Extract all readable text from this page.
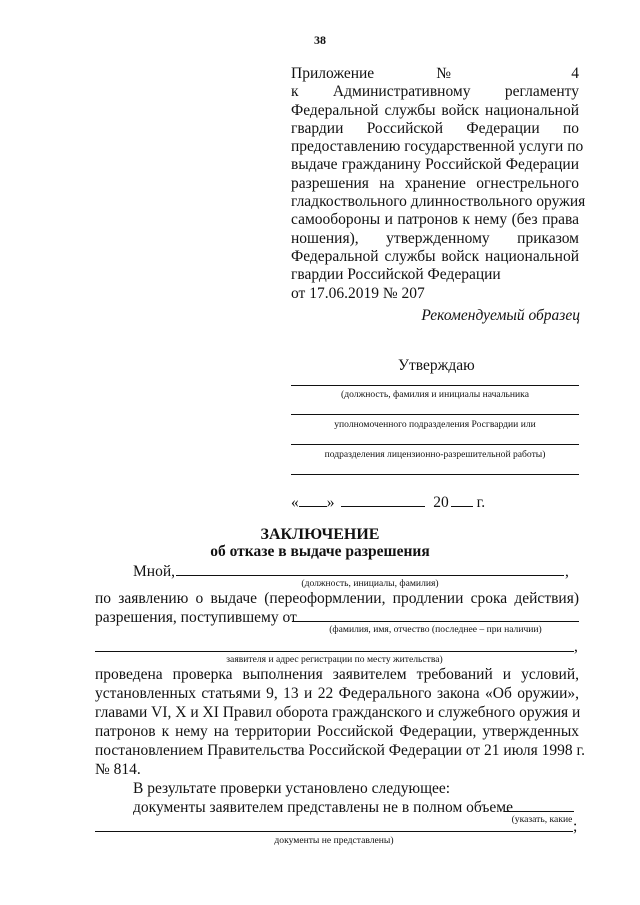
38
Приложение № 4
к Административному регламенту
Федеральной службы войск национальной
гвардии Российской Федерации по
предоставлению государственной услуги по
выдаче гражданину Российской Федерации
разрешения на хранение огнестрельного
гладкоствольного длинноствольного оружия
самообороны и патронов к нему (без права
ношения), утвержденному приказом
Федеральной службы войск национальной
гвардии Российской Федерации
от 17.06.2019 № 207
Рекомендуемый образец
Утверждаю
(должность, фамилия и инициалы начальника
уполномоченного подразделения Росгвардии или
подразделения лицензионно-разрешительной работы)
« »	20 г.
ЗАКЛЮЧЕНИЕ
об отказе в выдаче разрешения
Мной,	,
(должность, инициалы, фамилия)
по заявлению о выдаче (переоформлении, продлении срока действия)
разрешения, поступившему от
(фамилия, имя, отчество (последнее – при наличии)
,
заявителя и адрес регистрации по месту жительства)
проведена проверка выполнения заявителем требований и условий,
установленных статьями 9, 13 и 22 Федерального закона «Об оружии»,
главами VI, X и XI Правил оборота гражданского и служебного оружия и
патронов к нему на территории Российской Федерации, утвержденных
постановлением Правительства Российской Федерации от 21 июля 1998 г.
№ 814.
В результате проверки установлено следующее:
документы заявителем представлены не в полном объеме
(указать, какие ;
документы не представлены)
